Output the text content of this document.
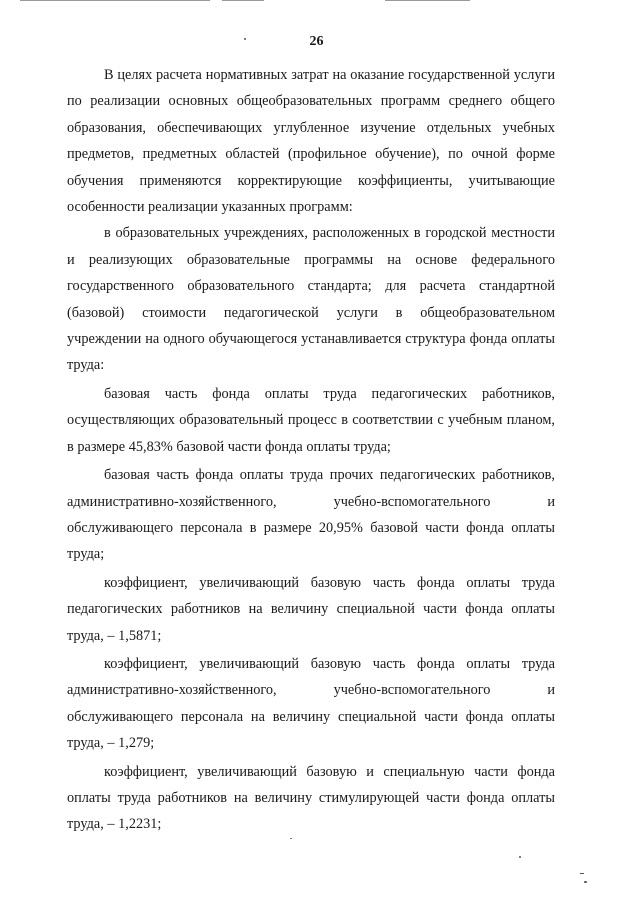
26

В целях расчета нормативных затрат на оказание государственной услуги по реализации основных общеобразовательных программ среднего общего образования, обеспечивающих углубленное изучение отдельных учебных предметов, предметных областей (профильное обучение), по очной форме обучения применяются корректирующие коэффициенты, учитывающие особенности реализации указанных программ:

в образовательных учреждениях, расположенных в городской местности и реализующих образовательные программы на основе федерального государственного образовательного стандарта; для расчета стандартной (базовой) стоимости педагогической услуги в общеобразовательном учреждении на одного обучающегося устанавливается структура фонда оплаты труда:

базовая часть фонда оплаты труда педагогических работников, осуществляющих образовательный процесс в соответствии с учебным планом, в размере 45,83% базовой части фонда оплаты труда;

базовая часть фонда оплаты труда прочих педагогических работников, административно-хозяйственного, учебно-вспомогательного и обслуживающего персонала в размере 20,95% базовой части фонда оплаты труда;

коэффициент, увеличивающий базовую часть фонда оплаты труда педагогических работников на величину специальной части фонда оплаты труда, – 1,5871;

коэффициент, увеличивающий базовую часть фонда оплаты труда административно-хозяйственного, учебно-вспомогательного и обслуживающего персонала на величину специальной части фонда оплаты труда, – 1,279;

коэффициент, увеличивающий базовую и специальную части фонда оплаты труда работников на величину стимулирующей части фонда оплаты труда, – 1,2231;
